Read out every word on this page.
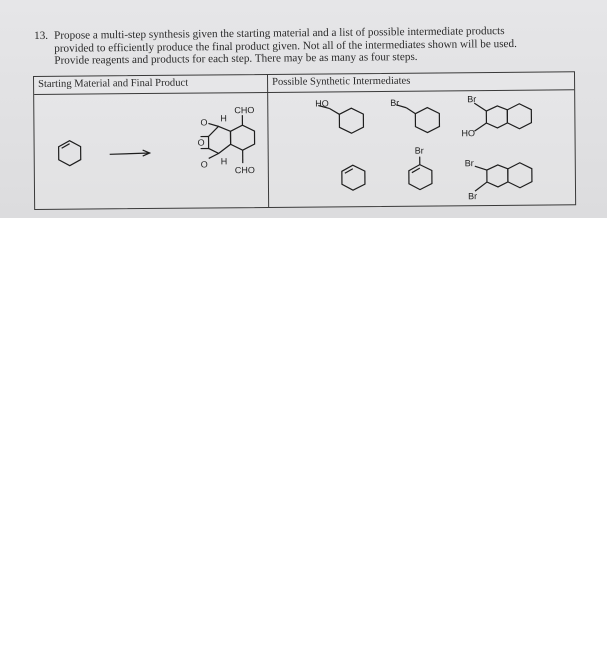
13. Propose a multi-step synthesis given the starting material and a list of possible intermediate products
provided to efficiently produce the final product given. Not all of the intermediates shown will be used.
Provide reagents and products for each step. There may be as many as four steps.
Starting Material and Final Product	Possible Synthetic Intermediates
CHO
CHO
H
H
O
O
O
HO	Br	Br
HO
Br
Br
Br
